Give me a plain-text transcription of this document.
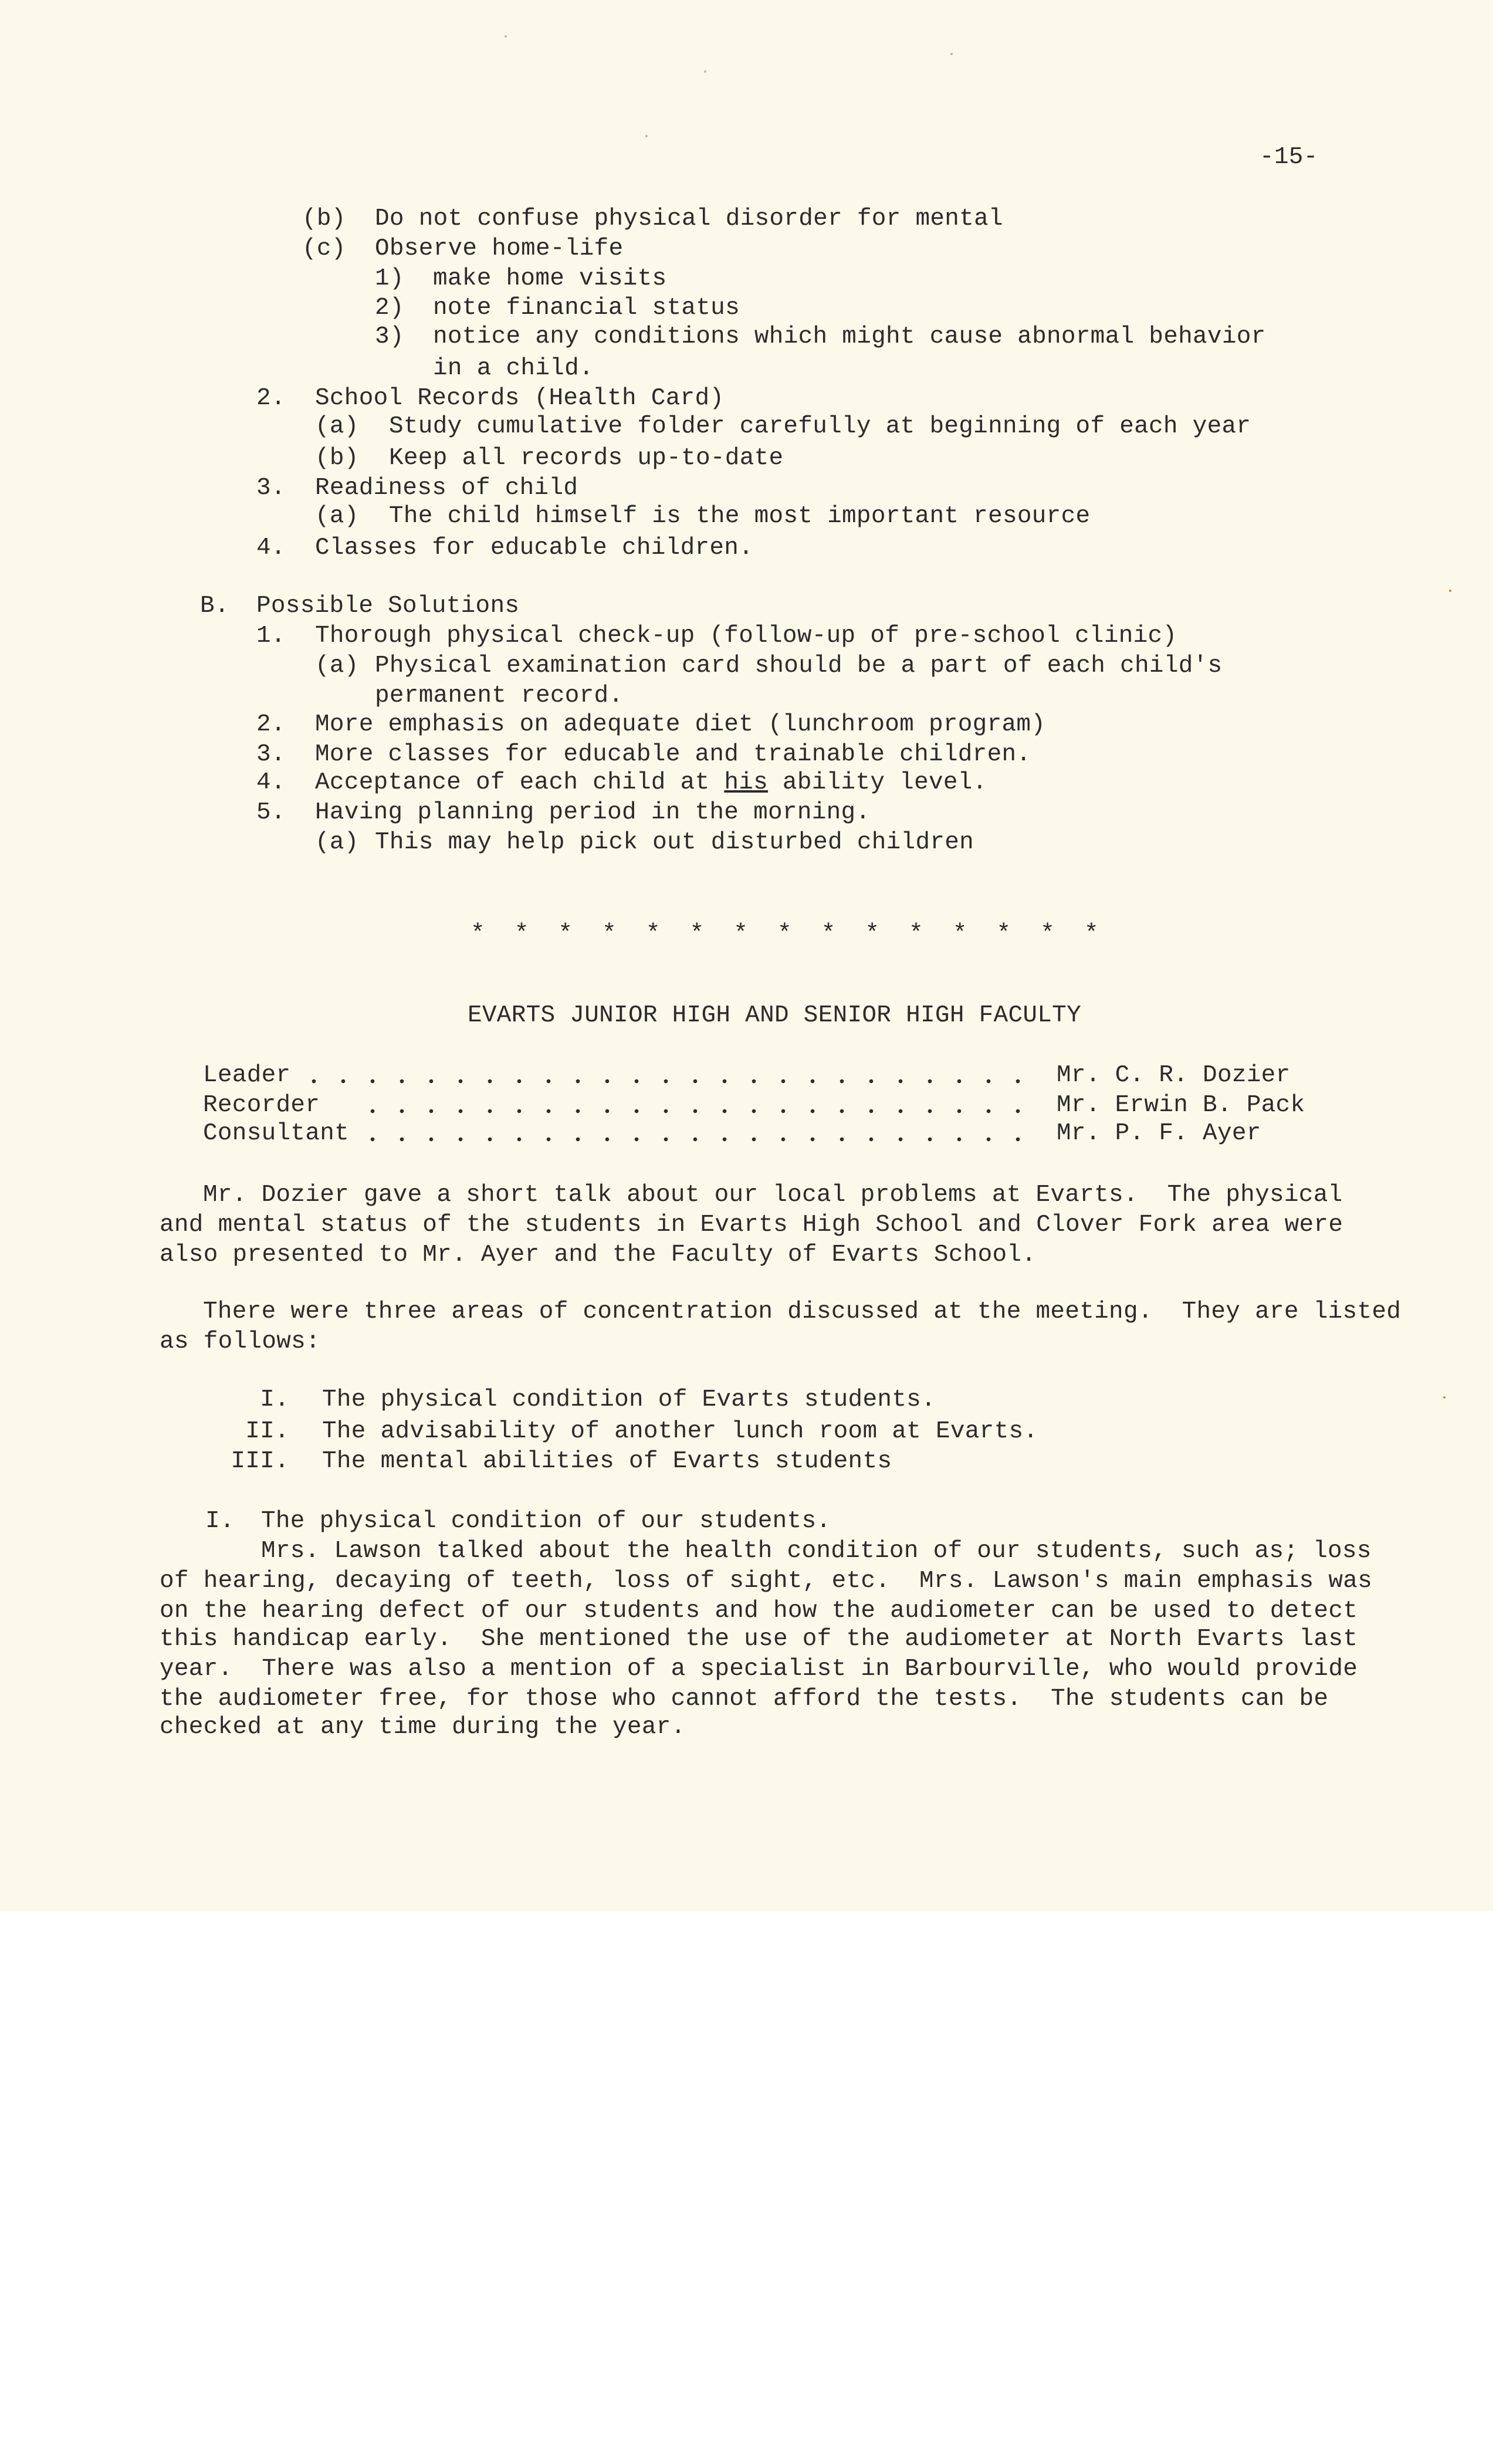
-15-
(b) Do not confuse physical disorder for mental
(c) Observe home-life
1) make home visits
2) note financial status
3) notice any conditions which might cause abnormal behavior
in a child.
2. School Records (Health Card)
(a) Study cumulative folder carefully at beginning of each year
(b) Keep all records up-to-date
3. Readiness of child
(a) The child himself is the most important resource
4. Classes for educable children.
B. Possible Solutions
1. Thorough physical check-up (follow-up of pre-school clinic)
(a) Physical examination card should be a part of each child's
permanent record.
2. More emphasis on adequate diet (lunchroom program)
3. More classes for educable and trainable children.
4. Acceptance of each child at his ability level.
5. Having planning period in the morning.
(a) This may help pick out disturbed children
*  *  *  *  *  *  *  *  *  *  *  *  *  *  *
EVARTS JUNIOR HIGH AND SENIOR HIGH FACULTY
Leader	Mr. C. R. Dozier
Recorder	Mr. Erwin B. Pack
Consultant	Mr. P. F. Ayer
Mr. Dozier gave a short talk about our local problems at Evarts.  The physical
and mental status of the students in Evarts High School and Clover Fork area were
also presented to Mr. Ayer and the Faculty of Evarts School.
There were three areas of concentration discussed at the meeting.  They are listed
as follows:
I. The physical condition of Evarts students.
II. The advisability of another lunch room at Evarts.
III. The mental abilities of Evarts students
I. The physical condition of our students.
Mrs. Lawson talked about the health condition of our students, such as; loss
of hearing, decaying of teeth, loss of sight, etc.  Mrs. Lawson's main emphasis was
on the hearing defect of our students and how the audiometer can be used to detect
this handicap early.  She mentioned the use of the audiometer at North Evarts last
year.  There was also a mention of a specialist in Barbourville, who would provide
the audiometer free, for those who cannot afford the tests.  The students can be
checked at any time during the year.
